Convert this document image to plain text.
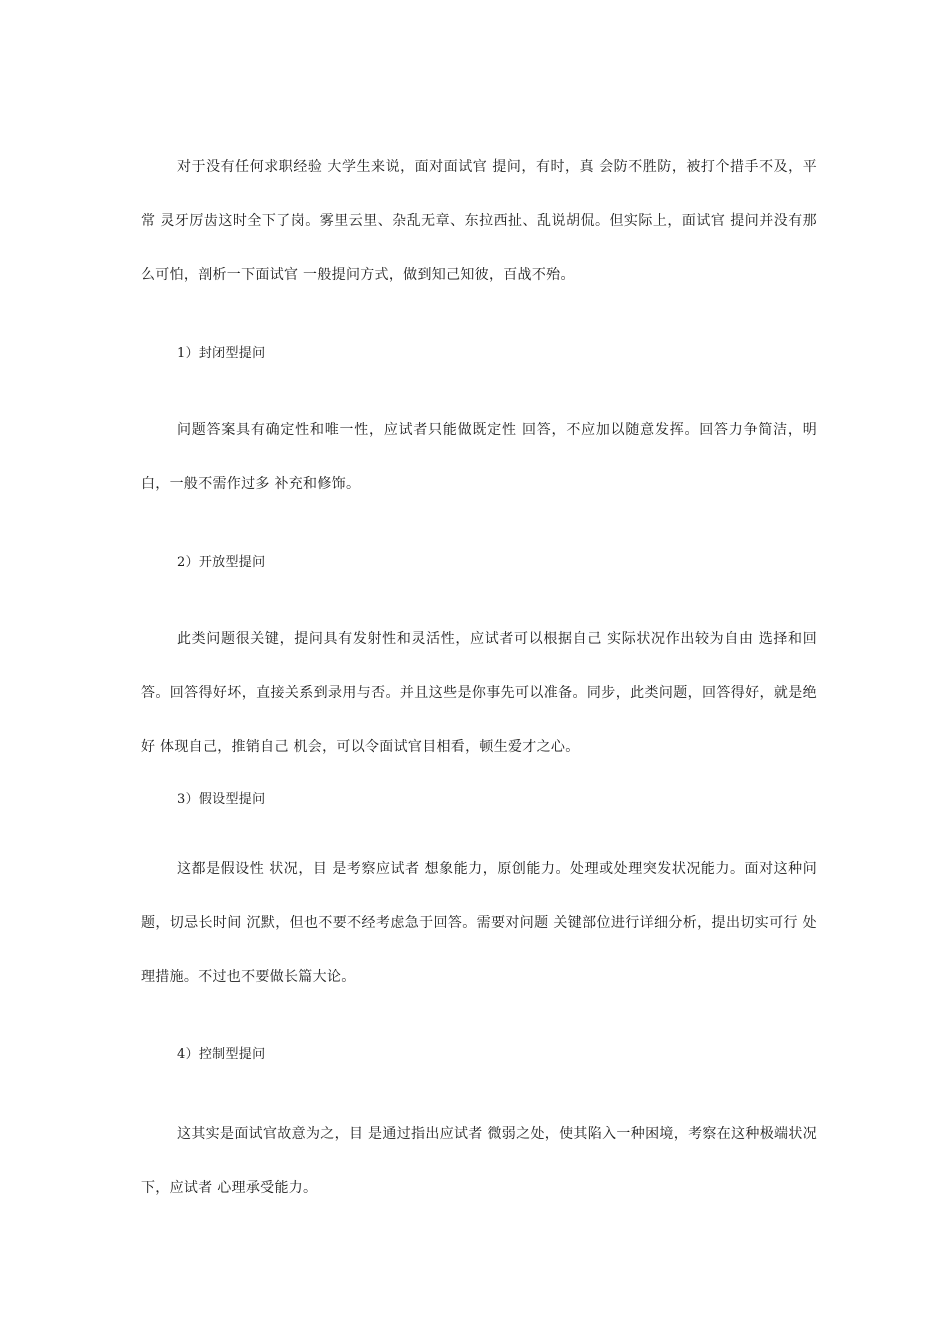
对于没有任何求职经验 大学生来说，面对面试官 提问，有时，真 会防不胜防，被打个措手不及，平常 灵牙厉齿这时全下了岗。雾里云里、杂乱无章、东拉西扯、乱说胡侃。但实际上，面试官 提问并没有那么可怕，剖析一下面试官 一般提问方式，做到知己知彼，百战不殆。

1）封闭型提问

问题答案具有确定性和唯一性，应试者只能做既定性 回答，不应加以随意发挥。回答力争简洁，明白，一般不需作过多 补充和修饰。

2）开放型提问

此类问题很关键，提问具有发射性和灵活性，应试者可以根据自己 实际状况作出较为自由 选择和回答。回答得好坏，直接关系到录用与否。并且这些是你事先可以准备。同步，此类问题，回答得好，就是绝好 体现自己，推销自己 机会，可以令面试官目相看，顿生爱才之心。

3）假设型提问

这都是假设性 状况，目 是考察应试者 想象能力，原创能力。处理或处理突发状况能力。面对这种问题，切忌长时间 沉默，但也不要不经考虑急于回答。需要对问题 关键部位进行详细分析，提出切实可行 处理措施。不过也不要做长篇大论。

4）控制型提问

这其实是面试官故意为之，目 是通过指出应试者 微弱之处，使其陷入一种困境，考察在这种极端状况下，应试者 心理承受能力。
